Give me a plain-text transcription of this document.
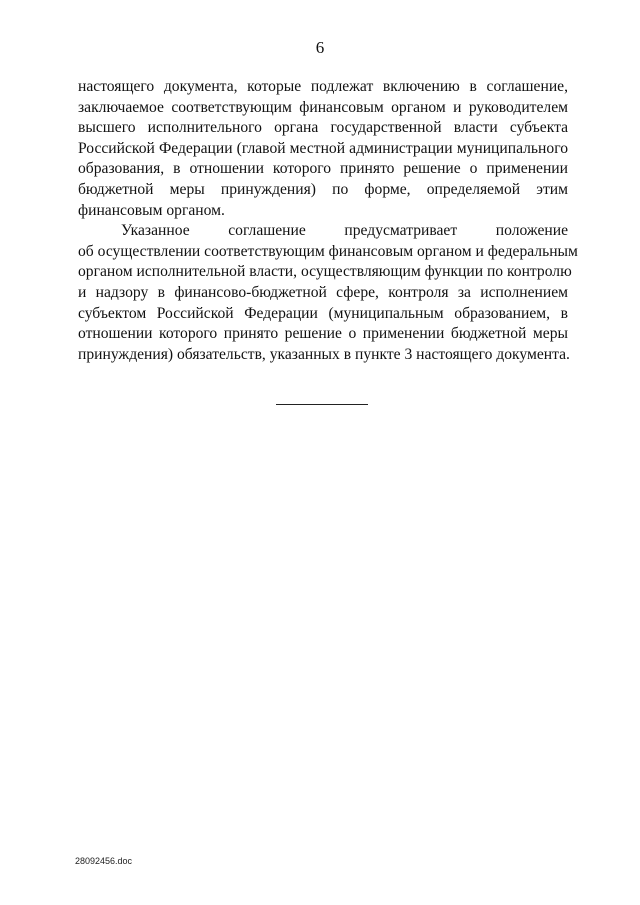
6
настоящего документа, которые подлежат включению в соглашение,
заключаемое соответствующим финансовым органом и руководителем
высшего исполнительного органа государственной власти субъекта
Российской Федерации (главой местной администрации муниципального
образования, в отношении которого принято решение о применении
бюджетной меры принуждения) по форме, определяемой этим
финансовым органом.
Указанное соглашение предусматривает положение
об осуществлении соответствующим финансовым органом и федеральным
органом исполнительной власти, осуществляющим функции по контролю
и надзору в финансово-бюджетной сфере, контроля за исполнением
субъектом Российской Федерации (муниципальным образованием, в
отношении которого принято решение о применении бюджетной меры
принуждения) обязательств, указанных в пункте 3 настоящего документа.
28092456.doc
